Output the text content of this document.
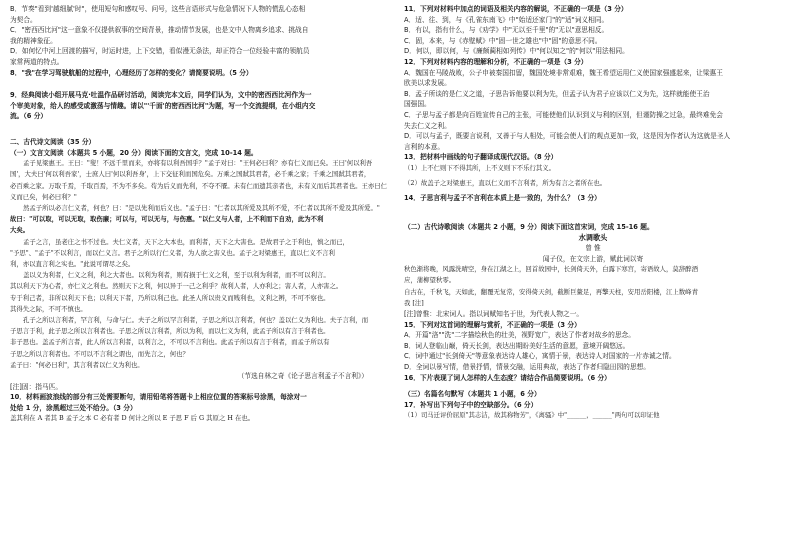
B．节奏"看到'越细腻'时"，使用短句和感叹号、问号，这些言语形式与危急情况下人物的慌乱心态相

为契合。

C．"密西西比河"这一意象不仅提供叙事的空间背景，推动情节发展，也是文中人物离乡追求、挑战自

我的精神象征。

D．如何忆中河上回渡的描写，时运时进，上下交错，看似漫无条法，却正符合一位经验丰富的领航员

家常两道的特点。

8．"我"在学习驾驶航船的过程中，心理经历了怎样的变化？请简要说明。（5 分）

9．经典阅读小组开展马克·吐温作品研讨活动，阅读完本文后，同学们认为，文中的密西西比河作为一

个审美对象，给人的感受或激荡与情趣。请以"'千面'的密西西比河"为题，写一个交流提纲，在小组内交

流。（6 分）

二、古代诗文阅读（35 分）

（一）文言文阅读（本题共 5 小题，20 分）阅读下面的文言文，完成 10-14 题。

孟子见梁惠王。王曰："叟！不远千里而来，亦将有以利吾国乎？"孟子对曰："王何必曰利？亦有仁义而已矣。王曰'何以利吾

国'，大夫曰'何以利吾家'，士庶人曰'何以利吾身'，上下交征利而国危矣。万乘之国弑其君者，必千乘之家；千乘之国弑其君者，

必百乘之家。万取千焉，千取百焉，不为不多矣。苟为后义而先利，不夺不餍。未有仁而遗其亲者也，未有义而后其君者也。王亦曰仁

义而已矣，何必曰利？"

然孟子所以必言仁义者，何也？曰："是以先利而后义也。"孟子曰："仁者以其所爱及其所不爱，不仁者以其所不爱及其所爱。"

故曰："可以取，可以无取，取伤廉；可以与，可以无与，与伤惠。"以仁义与人者，上不利而下自劝，此为不利

大矣。

孟子之言，虽老庄之书不过也。夫仁义者，天下之大本也，而利者，天下之大害也。是故君子之于利也，慎之而已，

"予思"、"孟子"不以利言，而以仁义言。君子之所以行仁义者，为人欲之害义也。孟子之对梁惠王，直以仁义不言利

利，亦以直言利之实也。"此说可谓尽之矣。

盖以义为利者，仁义之利，利之大者也。以利为利者，则有损于仁义之利，至于以利为利者，而不可以利言。

其以利天下为心者，亦仁义之利也。然则天下之利，何以异于一己之利乎？故利人者，人亦利之；害人者，人亦害之。

专于利己者，非所以利天下也；以利天下者，乃所以利己也。此圣人所以贵义而贱利也，义利之辨，不可不察也。

其得失之际，不可不慎也。

孔子之所以言利者，罕言利，与命与仁。夫子之所以罕言利者，子思之所以言利者，何也？盖以仁义为利也。夫子言利，而

子思言于利，此子思之所以言利者也。子思之所以言利者，所以为利，而以仁义为利，此孟子所以有言于利者也。

非子思也。盖孟子所言者，此人所以言利者，以利言之，不可以不言利也。此孟子所以有言于利者，而孟子所以有

子思之所以言利者也。不可以不言利之谓也，而先言之，何也？

孟子曰："何必曰利"，其言利者以仁义为利也。

（节选自林之奇《论子思言利孟子不言利》）

[注]固：指马匹。

10．材料画波浪线的部分有三处需要断句，请用铅笔将答题卡上相应位置的答案标号涂黑，每涂对一

处给 1 分，涂黑超过三处不给分。（3 分）

盖其利在 A 者其 B 孟子之本 C 必有者 D 何计之所以 E 子思 F 后 G 其原之 H 在也。

11．下列对材料中加点的词语及相关内容的解说，不正确的一项是（3 分）

A．适、往、到，与《孔雀东南飞》中"始适还家门"的"适"词义相同。

B．有以，指有什么，与《劝学》中"无以至千里"的"无以"意思相反。

C．固，本来，与《赤壁赋》中"固一世之雄也"中"固"的意思不同。

D．何以，即以何，与《廉颇蔺相如列传》中"何以知之"的"何以"用法相同。

12．下列对材料内容的理解和分析，不正确的一项是（3 分）

A．魏国在马陵战败，公子申被秦国扣留，魏国处境非常艰难，魏王希望运用仁义使国家强盛起来，让梁惠王

欧美以求发展。

B．孟子所谈的是仁义之道，子思告诉他要以利为先，但孟子认为君子应该以仁义为先，这样就能使王治

国强国。

C．子思与孟子都是向百姓宣传自己的主张，可能使他们认识到义与利的区别，但谨防操之过急，最终难免会

失去仁义之利。

D．可以与孟子，既要言说利，又善于与人相处，可能会使人们的观点更加一致，这是因为作者认为这就是圣人

言利的本意。

13．把材料中画线的句子翻译成现代汉语。（8 分）

（1）上不仁则下不得其所，上不义则下不乐行其义。

（2）故盖子之对梁惠王，直以仁义而不言利者，所为有言之者所在也。

14．子思言利与孟子不言利在本质上是一致的，为什么？（3 分）

（二）古代诗歌阅读（本题共 2 小题，9 分）阅读下面这首宋词，完成 15-16 题。

水调歌头

曾 惟

闻子仪，在文宗上游，赋此词以寄

秋色渐将晚，风露洗晴空，身在江湖之上，回首故园中，长剑倚天外，白露下寒宫，寄语故人，莫辞醉酒

应，蒲柳望秋零。

自古在，千秋飞，天如此，翻覆无复常，安得倚天剑，截断巨鳌足，再擎天柱，安用岳阳楼，江上数峰青

我 [注]

[注]曾惟：北宋词人。指以词赋知名于世，为代表人物之一。

15．下列对这首词的理解与赏析，不正确的一项是（3 分）

A．开篇"洛""洗"二字描绘秋色的壮美，视野宽广，表达了作者对故乡的思念。

B．词人登临山巅，倚天长剑，表达出期盼美好生活的意愿，意境开阔悠远。

C．词中通过"长剑倚天"等意象表达诗人雄心，寓情于景，表达诗人对国家的一片赤诚之情。

D．全词以景写情，借景抒情，情景交融，运用典故，表达了作者归隐田园的思想。

16．下片表现了词人怎样的人生态度？请结合作品简要说明。（6 分）

（三）名篇名句默写（本题共 1 小题，6 分）

17．补写出下列句子中的空缺部分。（6 分）

（1）司马迁评价屈原"其志洁，故其称物芳"，《离骚》中"______，______"两句可以印证他
